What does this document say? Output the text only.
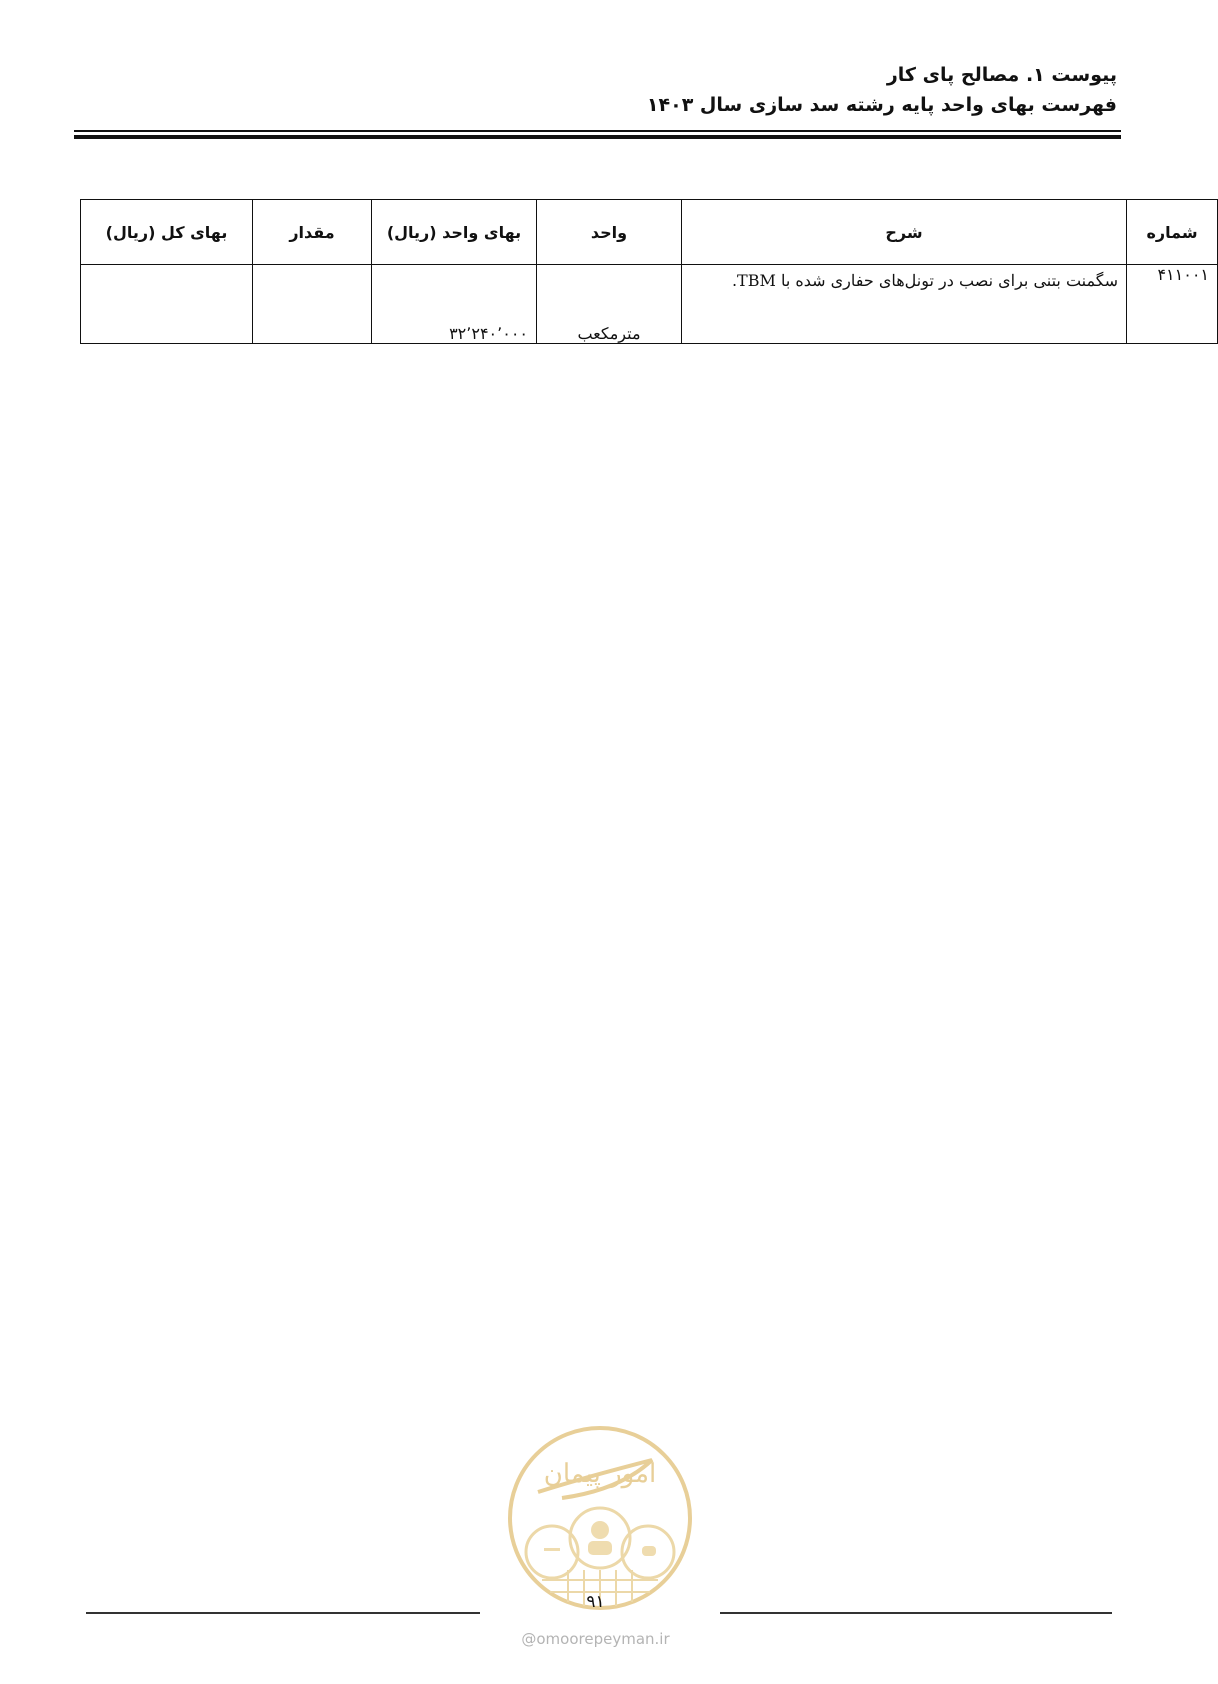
پیوست ۱. مصالح پای کار
فهرست بهای واحد پایه رشته سد سازی سال ۱۴۰۳
شماره	شرح	واحد	بهای واحد (ریال)	مقدار	بهای کل (ریال)
۴۱۱۰۰۱	سگمنت بتنی برای نصب در تونل‌های حفاری شده با TBM.	مترمکعب	۳۲٬۲۴۰٬۰۰۰		
امور پیمان
۹۱
@omoorepeyman.ir
